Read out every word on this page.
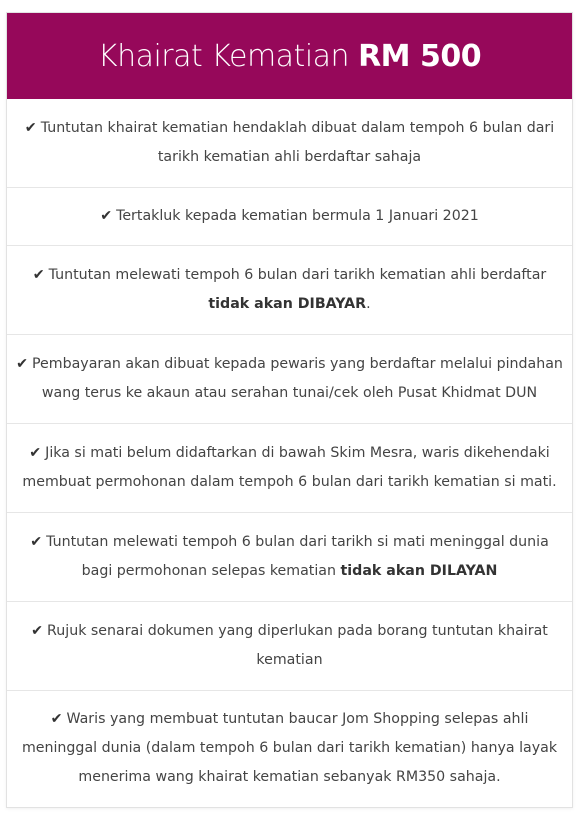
Khairat Kematian RM 500
✔ Tuntutan khairat kematian hendaklah dibuat dalam tempoh 6 bulan dari tarikh kematian ahli berdaftar sahaja
✔ Tertakluk kepada kematian bermula 1 Januari 2021
✔ Tuntutan melewati tempoh 6 bulan dari tarikh kematian ahli berdaftar tidak akan DIBAYAR.
✔ Pembayaran akan dibuat kepada pewaris yang berdaftar melalui pindahan wang terus ke akaun atau serahan tunai/cek oleh Pusat Khidmat DUN
✔ Jika si mati belum didaftarkan di bawah Skim Mesra, waris dikehendaki membuat permohonan dalam tempoh 6 bulan dari tarikh kematian si mati.
✔ Tuntutan melewati tempoh 6 bulan dari tarikh si mati meninggal dunia bagi permohonan selepas kematian tidak akan DILAYAN
✔ Rujuk senarai dokumen yang diperlukan pada borang tuntutan khairat kematian
✔ Waris yang membuat tuntutan baucar Jom Shopping selepas ahli meninggal dunia (dalam tempoh 6 bulan dari tarikh kematian) hanya layak menerima wang khairat kematian sebanyak RM350 sahaja.
